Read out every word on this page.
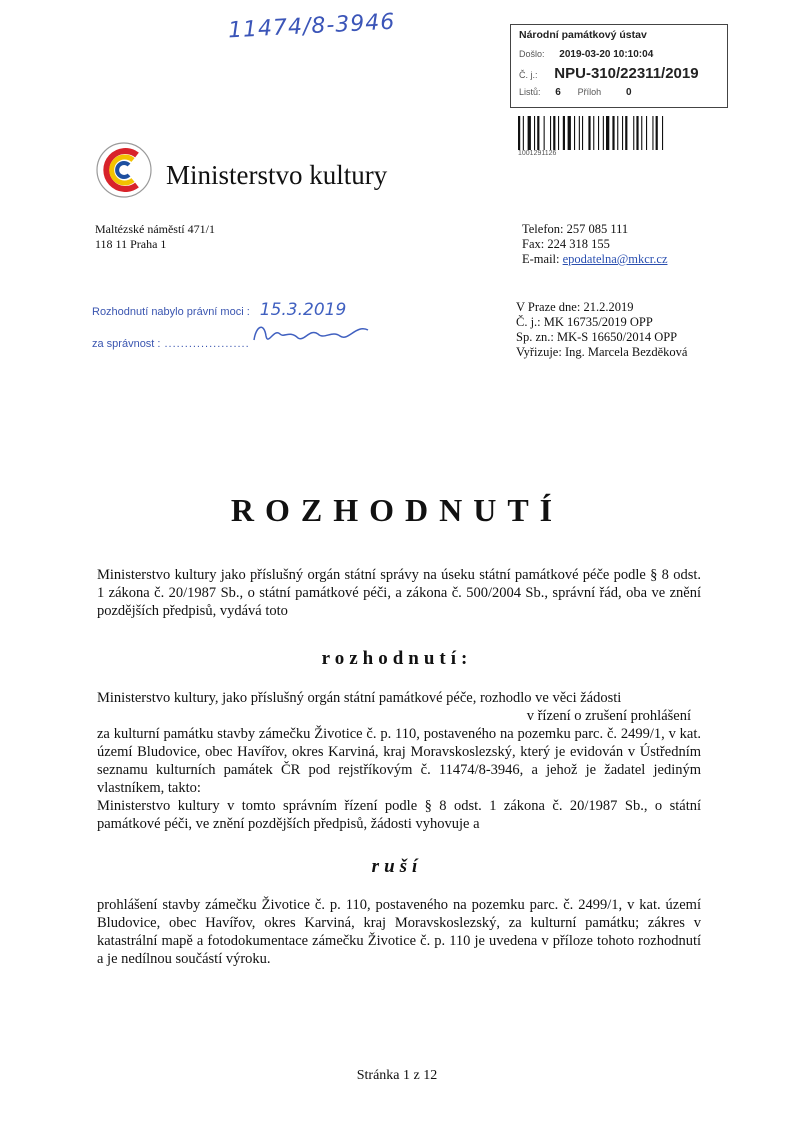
11474/8-3946	Národní památkový ústav
Došlo: 2019-03-20 10:10:04
Č. j.: NPU-310/22311/2019
Listů: 6 Příloh 0
1001291126
Ministerstvo kultury
Maltézské náměstí 471/1
118 11 Praha 1
Telefon: 257 085 111
Fax: 224 318 155
E-mail: epodatelna@mkcr.cz
Rozhodnutí nabylo právní moci : 15.3.2019
za správnost : .....................
V Praze dne: 21.2.2019
Č. j.: MK 16735/2019 OPP
Sp. zn.: MK-S 16650/2014 OPP
Vyřizuje: Ing. Marcela Bezděková
ROZHODNUTÍ
Ministerstvo kultury jako příslušný orgán státní správy na úseku státní památkové péče podle § 8 odst. 1 zákona č. 20/1987 Sb., o státní památkové péči, a zákona č. 500/2004 Sb., správní řád, oba ve znění pozdějších předpisů, vydává toto
rozhodnutí:
Ministerstvo kultury, jako příslušný orgán státní památkové péče, rozhodlo ve věci žádosti
v řízení o zrušení prohlášení
za kulturní památku stavby zámečku Životice č. p. 110, postaveného na pozemku parc. č. 2499/1, v kat. území Bludovice, obec Havířov, okres Karviná, kraj Moravskoslezský, který je evidován v Ústředním seznamu kulturních památek ČR pod rejstříkovým č. 11474/8-3946, a jehož je žadatel jediným vlastníkem, takto:
Ministerstvo kultury v tomto správním řízení podle § 8 odst. 1 zákona č. 20/1987 Sb., o státní památkové péči, ve znění pozdějších předpisů, žádosti vyhovuje a
ruší
prohlášení stavby zámečku Životice č. p. 110, postaveného na pozemku parc. č. 2499/1, v kat. území Bludovice, obec Havířov, okres Karviná, kraj Moravskoslezský, za kulturní památku; zákres v katastrální mapě a fotodokumentace zámečku Životice č. p. 110 je uvedena v příloze tohoto rozhodnutí a je nedílnou součástí výroku.
Stránka 1 z 12
